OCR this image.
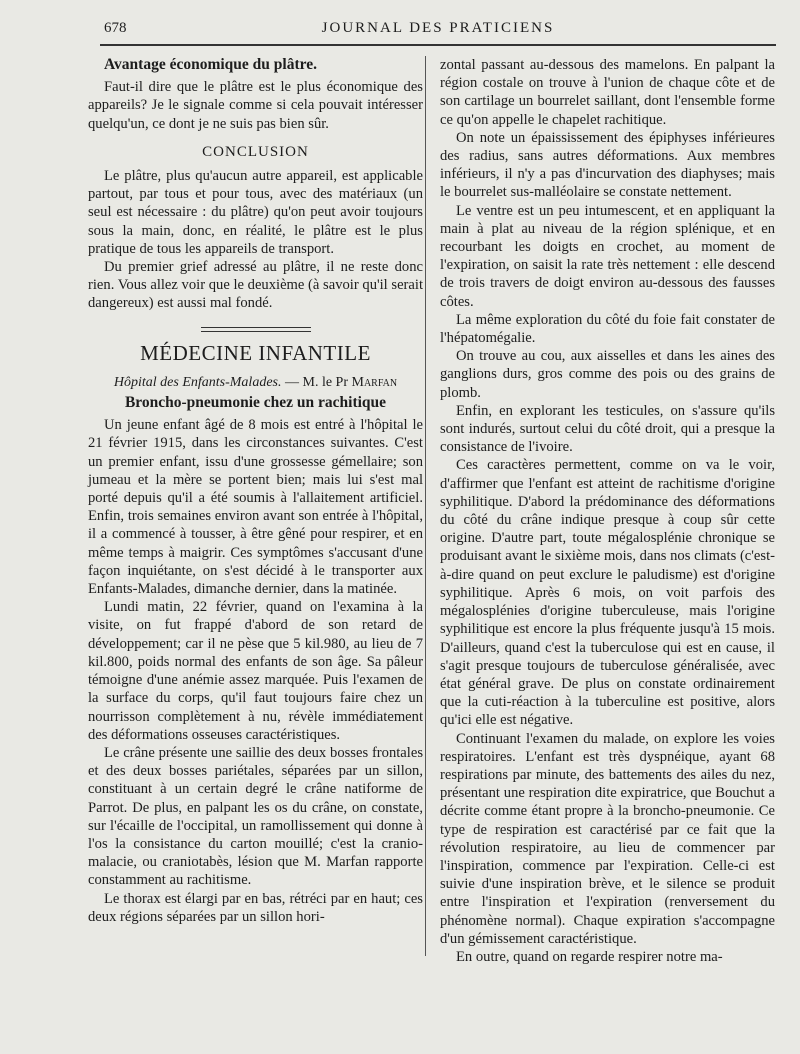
678	JOURNAL DES PRATICIENS
Avantage économique du plâtre.

Faut-il dire que le plâtre est le plus économique des appareils? Je le signale comme si cela pouvait intéresser quelqu'un, ce dont je ne suis pas bien sûr.

CONCLUSION

Le plâtre, plus qu'aucun autre appareil, est applicable partout, par tous et pour tous, avec des matériaux (un seul est nécessaire : du plâtre) qu'on peut avoir toujours sous la main, donc, en réalité, le plâtre est le plus pratique de tous les appareils de transport.

Du premier grief adressé au plâtre, il ne reste donc rien. Vous allez voir que le deuxième (à savoir qu'il serait dangereux) est aussi mal fondé.

MÉDECINE INFANTILE
Hôpital des Enfants-Malades. — M. le Pr Marfan
Broncho-pneumonie chez un rachitique

Un jeune enfant âgé de 8 mois est entré à l'hôpital le 21 février 1915, dans les circonstances suivantes. C'est un premier enfant, issu d'une grossesse gémellaire; son jumeau et la mère se portent bien; mais lui s'est mal porté depuis qu'il a été soumis à l'allaitement artificiel. Enfin, trois semaines environ avant son entrée à l'hôpital, il a commencé à tousser, à être gêné pour respirer, et en même temps à maigrir. Ces symptômes s'accusant d'une façon inquiétante, on s'est décidé à le transporter aux Enfants-Malades, dimanche dernier, dans la matinée.

Lundi matin, 22 février, quand on l'examina à la visite, on fut frappé d'abord de son retard de développement; car il ne pèse que 5 kil.980, au lieu de 7 kil.800, poids normal des enfants de son âge. Sa pâleur témoigne d'une anémie assez marquée. Puis l'examen de la surface du corps, qu'il faut toujours faire chez un nourrisson complètement à nu, révèle immédiatement des déformations osseuses caractéristiques.

Le crâne présente une saillie des deux bosses frontales et des deux bosses pariétales, séparées par un sillon, constituant à un certain degré le crâne natiforme de Parrot. De plus, en palpant les os du crâne, on constate, sur l'écaille de l'occipital, un ramollissement qui donne à l'os la consistance du carton mouillé; c'est la cranio-malacie, ou craniotabès, lésion que M. Marfan rapporte constamment au rachitisme.

Le thorax est élargi par en bas, rétréci par en haut; ces deux régions séparées par un sillon hori-

zontal passant au-dessous des mamelons. En palpant la région costale on trouve à l'union de chaque côte et de son cartilage un bourrelet saillant, dont l'ensemble forme ce qu'on appelle le chapelet rachitique.

On note un épaississement des épiphyses inférieures des radius, sans autres déformations. Aux membres inférieurs, il n'y a pas d'incurvation des diaphyses; mais le bourrelet sus-malléolaire se constate nettement.

Le ventre est un peu intumescent, et en appliquant la main à plat au niveau de la région splénique, et en recourbant les doigts en crochet, au moment de l'expiration, on saisit la rate très nettement : elle descend de trois travers de doigt environ au-dessous des fausses côtes.

La même exploration du côté du foie fait constater de l'hépatomégalie.

On trouve au cou, aux aisselles et dans les aines des ganglions durs, gros comme des pois ou des grains de plomb.

Enfin, en explorant les testicules, on s'assure qu'ils sont indurés, surtout celui du côté droit, qui a presque la consistance de l'ivoire.

Ces caractères permettent, comme on va le voir, d'affirmer que l'enfant est atteint de rachitisme d'origine syphilitique. D'abord la prédominance des déformations du côté du crâne indique presque à coup sûr cette origine. D'autre part, toute mégalosplénie chronique se produisant avant le sixième mois, dans nos climats (c'est-à-dire quand on peut exclure le paludisme) est d'origine syphilitique. Après 6 mois, on voit parfois des mégalosplénies d'origine tuberculeuse, mais l'origine syphilitique est encore la plus fréquente jusqu'à 15 mois. D'ailleurs, quand c'est la tuberculose qui est en cause, il s'agit presque toujours de tuberculose généralisée, avec état général grave. De plus on constate ordinairement que la cuti-réaction à la tuberculine est positive, alors qu'ici elle est négative.

Continuant l'examen du malade, on explore les voies respiratoires. L'enfant est très dyspnéique, ayant 68 respirations par minute, des battements des ailes du nez, présentant une respiration dite expiratrice, que Bouchut a décrite comme étant propre à la broncho-pneumonie. Ce type de respiration est caractérisé par ce fait que la révolution respiratoire, au lieu de commencer par l'inspiration, commence par l'expiration. Celle-ci est suivie d'une inspiration brève, et le silence se produit entre l'inspiration et l'expiration (renversement du phénomène normal). Chaque expiration s'accompagne d'un gémissement caractéristique.

En outre, quand on regarde respirer notre ma-
